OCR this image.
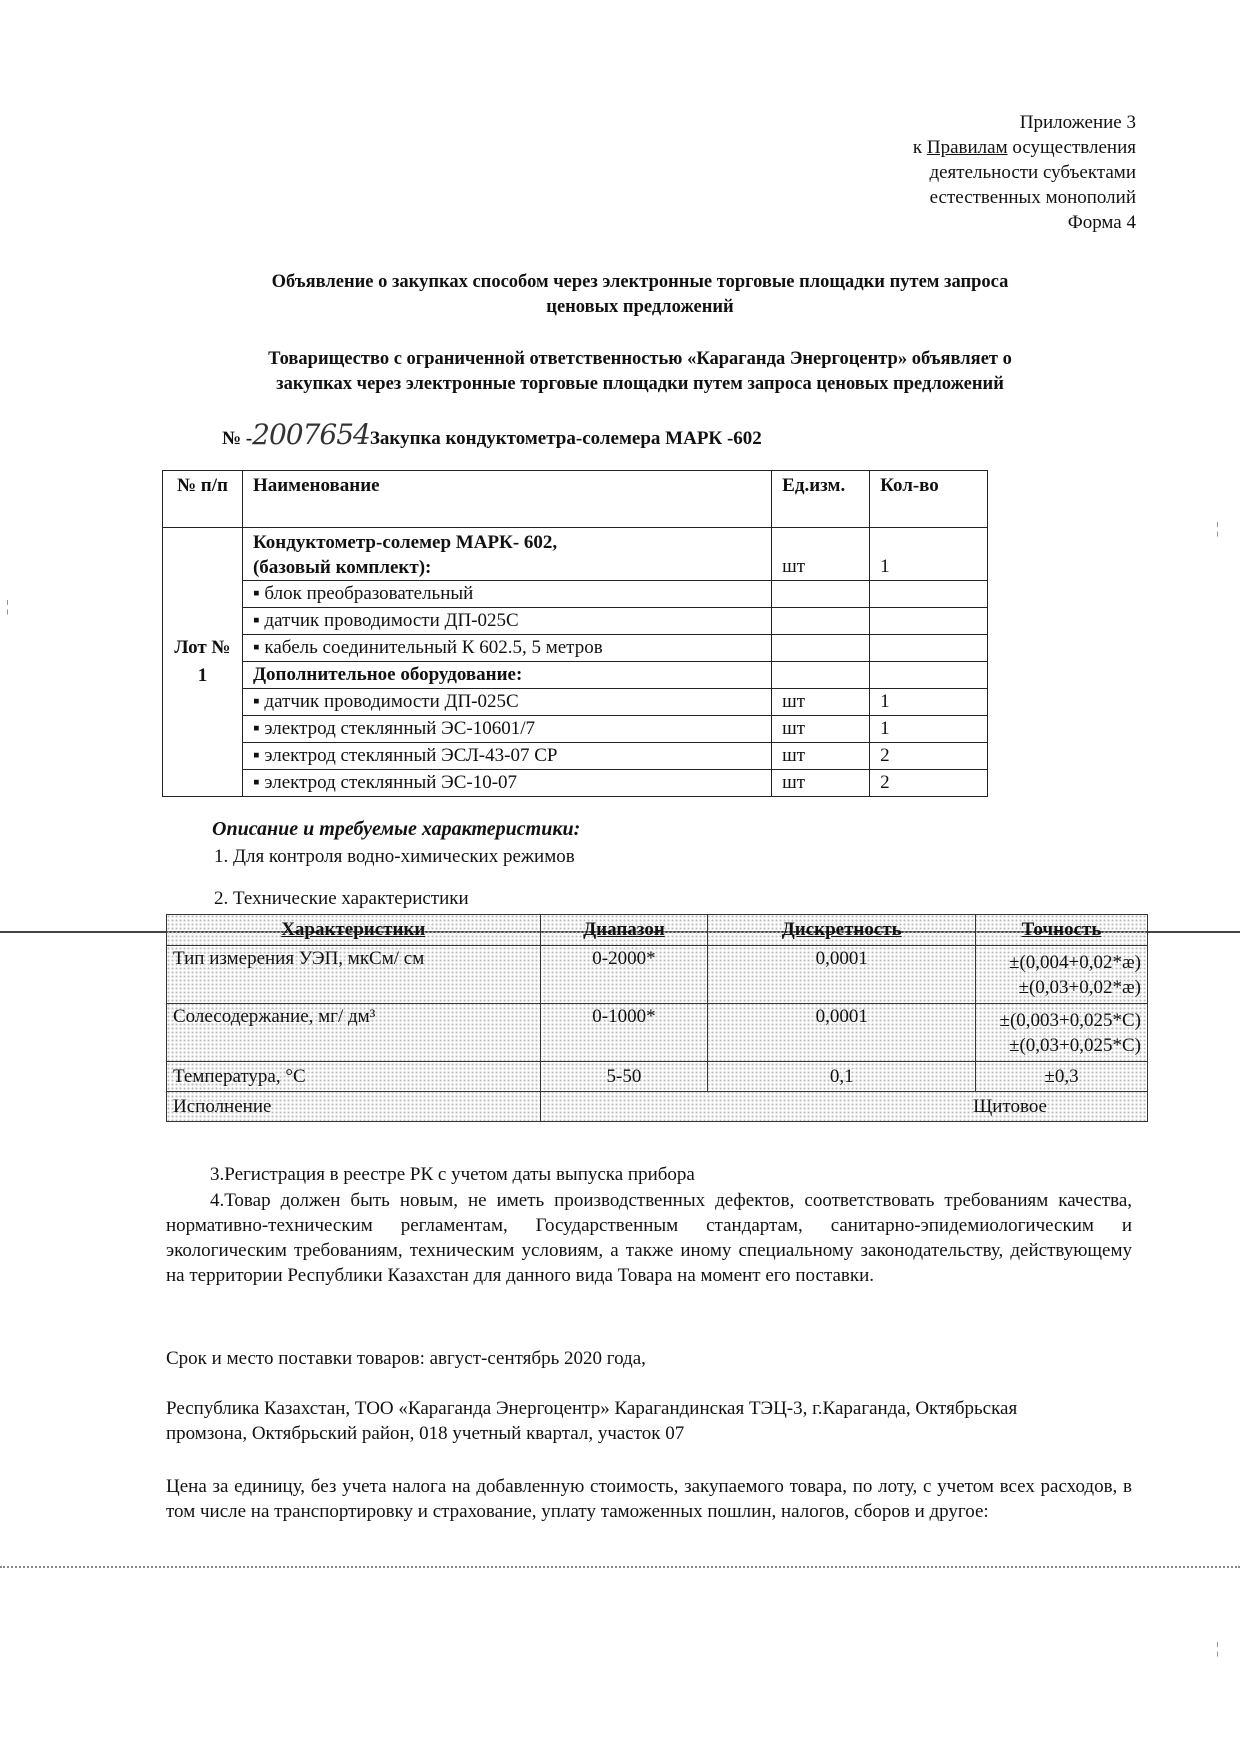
¦
¦
¦
Приложение 3
к Правилам осуществления
деятельности субъектами
естественных монополий
Форма 4
Объявление о закупках способом через электронные торговые площадки путем запроса
ценовых предложений
Товарищество с ограниченной ответственностью «Караганда Энергоцентр» объявляет о
закупках через электронные торговые площадки путем запроса ценовых предложений
№ -2007654Закупка кондуктометра-солемера МАРК -602
№ п/п	Наименование	Ед.изм.	Кол-во
Лот № 1	Кондуктометр-солемер МАРК- 602,
(базовый комплект):	шт	1
	▪ блок преобразовательный		
	▪ датчик проводимости ДП-025С		
	▪ кабель соединительный К 602.5, 5 метров		
	Дополнительное оборудование:		
	▪ датчик проводимости ДП-025С	шт	1
	▪ электрод стеклянный ЭС-10601/7	шт	1
	▪ электрод стеклянный ЭСЛ-43-07 СР	шт	2
	▪ электрод стеклянный ЭС-10-07	шт	2
Описание и требуемые характеристики:
1. Для контроля водно-химических режимов
2. Технические характеристики
Характеристики	Диапазон	Дискретность	Точность
Тип измерения УЭП, мкСм/ см	0-2000*	0,0001	±(0,004+0,02*æ)
±(0,03+0,02*æ)

Солесодержание, мг/ дм³	0-1000*	0,0001	±(0,003+0,025*С)
±(0,03+0,025*С)

Температура, °С	5-50	0,1	±0,3
Исполнение	Щитовое		
3.Регистрация в реестре РК с учетом даты выпуска прибора
4.Товар должен быть новым, не иметь производственных дефектов, соответствовать требованиям качества, нормативно-техническим регламентам, Государственным стандартам, санитарно-эпидемиологическим и экологическим требованиям, техническим условиям, а также иному специальному законодательству, действующему на территории Республики Казахстан для данного вида Товара на момент его поставки.
Срок и место поставки товаров: август-сентябрь 2020 года,
Республика Казахстан, ТОО «Караганда Энергоцентр» Карагандинская ТЭЦ-3, г.Караганда, Октябрьская промзона, Октябрьский район, 018 учетный квартал, участок 07
Цена за единицу, без учета налога на добавленную стоимость, закупаемого товара, по лоту, с учетом всех расходов, в том числе на транспортировку и страхование, уплату таможенных пошлин, налогов, сборов и другое:
